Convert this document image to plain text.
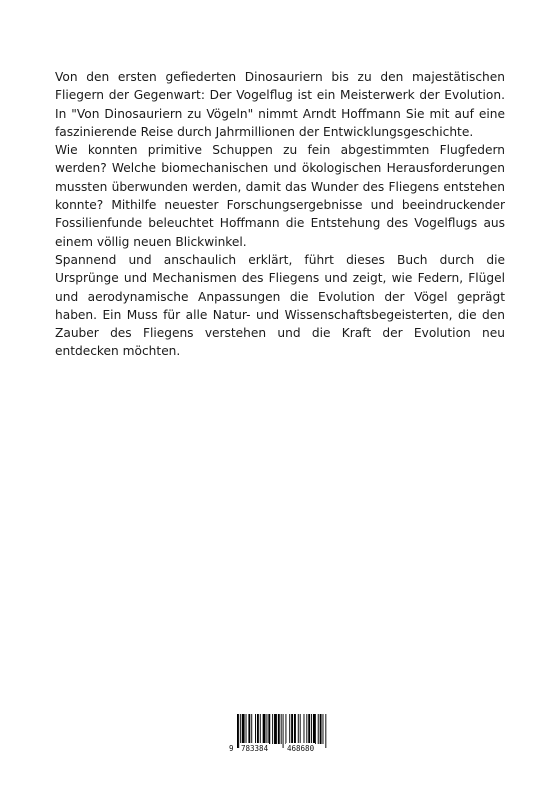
Von den ersten gefiederten Dinosauriern bis zu den majestätischen Fliegern der Gegenwart: Der Vogelflug ist ein Meisterwerk der Evolution. In "Von Dinosauriern zu Vögeln" nimmt Arndt Hoffmann Sie mit auf eine faszinierende Reise durch Jahrmillionen der Entwicklungsgeschichte.

Wie konnten primitive Schuppen zu fein abgestimmten Flugfedern werden? Welche biomechanischen und ökologischen Herausforderungen mussten überwunden werden, damit das Wunder des Fliegens entstehen konnte? Mithilfe neuester Forschungsergebnisse und beeindruckender Fossilienfunde beleuchtet Hoffmann die Entstehung des Vogelflugs aus einem völlig neuen Blickwinkel.

Spannend und anschaulich erklärt, führt dieses Buch durch die Ursprünge und Mechanismen des Fliegens und zeigt, wie Federn, Flügel und aerodynamische Anpassungen die Evolution der Vögel geprägt haben. Ein Muss für alle Natur- und Wissenschaftsbegeisterten, die den Zauber des Fliegens verstehen und die Kraft der Evolution neu entdecken möchten.

9 783384	468680
